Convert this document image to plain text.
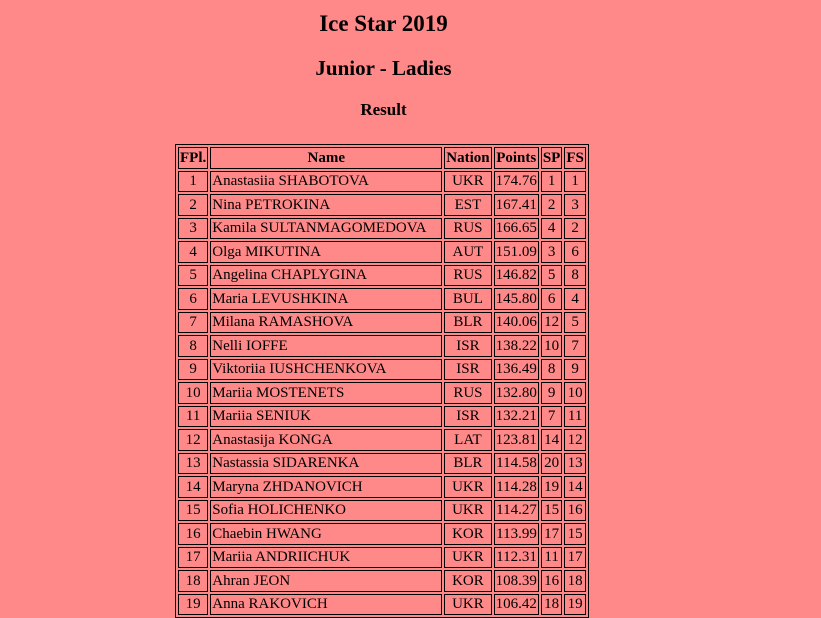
Ice Star 2019
Junior - Ladies
Result
FPl.	Name	Nation	Points	SP	FS
1	Anastasiia SHABOTOVA	UKR	174.76	1	1
2	Nina PETROKINA	EST	167.41	2	3
3	Kamila SULTANMAGOMEDOVA	RUS	166.65	4	2
4	Olga MIKUTINA	AUT	151.09	3	6
5	Angelina CHAPLYGINA	RUS	146.82	5	8
6	Maria LEVUSHKINA	BUL	145.80	6	4
7	Milana RAMASHOVA	BLR	140.06	12	5
8	Nelli IOFFE	ISR	138.22	10	7
9	Viktoriia IUSHCHENKOVA	ISR	136.49	8	9
10	Mariia MOSTENETS	RUS	132.80	9	10
11	Mariia SENIUK	ISR	132.21	7	11
12	Anastasija KONGA	LAT	123.81	14	12
13	Nastassia SIDARENKA	BLR	114.58	20	13
14	Maryna ZHDANOVICH	UKR	114.28	19	14
15	Sofia HOLICHENKO	UKR	114.27	15	16
16	Chaebin HWANG	KOR	113.99	17	15
17	Mariia ANDRIICHUK	UKR	112.31	11	17
18	Ahran JEON	KOR	108.39	16	18
19	Anna RAKOVICH	UKR	106.42	18	19
